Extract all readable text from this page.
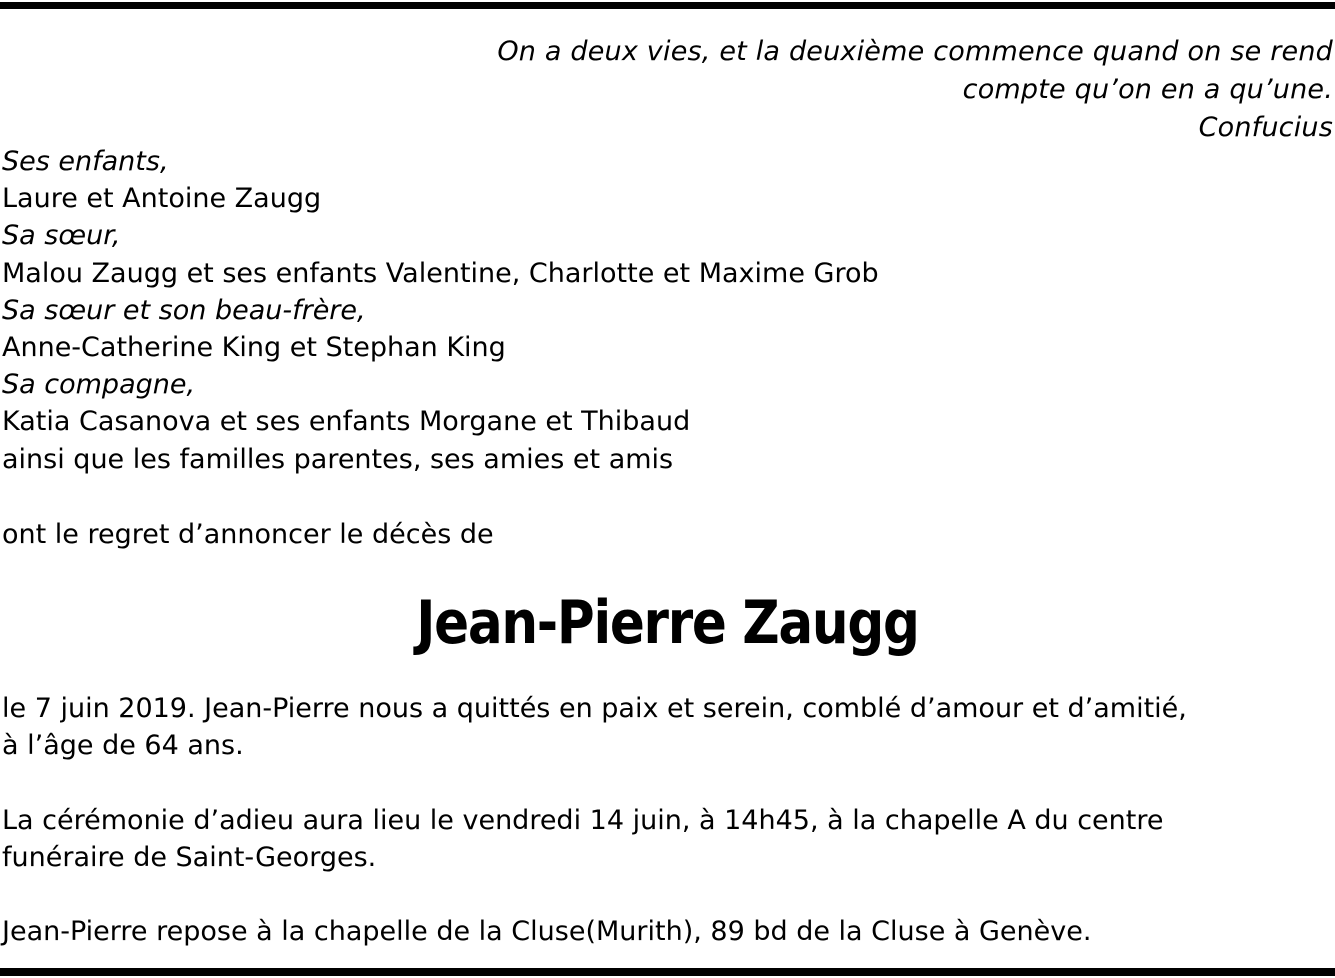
On a deux vies, et la deuxième commence quand on se rend
compte qu’on en a qu’une.
Confucius
Ses enfants,
Laure et Antoine Zaugg
Sa sœur,
Malou Zaugg et ses enfants Valentine, Charlotte et Maxime Grob
Sa sœur et son beau-frère,
Anne-Catherine King et Stephan King
Sa compagne,
Katia Casanova et ses enfants Morgane et Thibaud
ainsi que les familles parentes, ses amies et amis
ont le regret d’annoncer le décès de
Jean-Pierre Zaugg
le 7 juin 2019. Jean-Pierre nous a quittés en paix et serein, comblé d’amour et d’amitié,
à l’âge de 64 ans.
La cérémonie d’adieu aura lieu le vendredi 14 juin, à 14h45, à la chapelle A du centre
funéraire de Saint-Georges.
Jean-Pierre repose à la chapelle de la Cluse(Murith), 89 bd de la Cluse à Genève.
